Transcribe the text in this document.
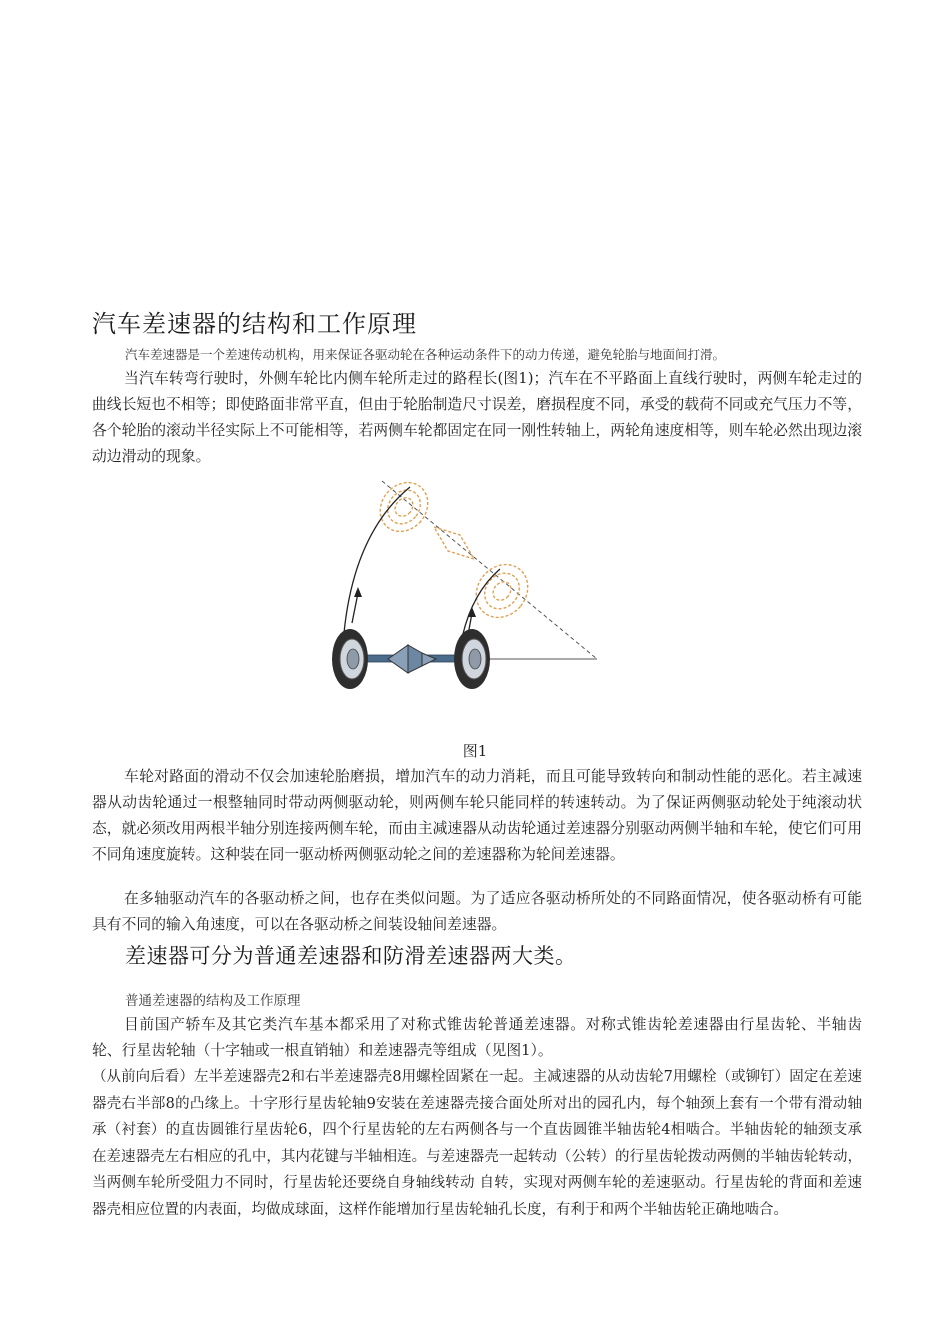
汽车差速器的结构和工作原理
汽车差速器是一个差速传动机构，用来保证各驱动轮在各种运动条件下的动力传递，避免轮胎与地面间打滑。

当汽车转弯行驶时，外侧车轮比内侧车轮所走过的路程长(图1)；汽车在不平路面上直线行驶时，两侧车轮走过的曲线长短也不相等；即使路面非常平直，但由于轮胎制造尺寸误差，磨损程度不同，承受的载荷不同或充气压力不等，各个轮胎的滚动半径实际上不可能相等，若两侧车轮都固定在同一刚性转轴上，两轮角速度相等，则车轮必然出现边滚动边滑动的现象。

图1

车轮对路面的滑动不仅会加速轮胎磨损，增加汽车的动力消耗，而且可能导致转向和制动性能的恶化。若主减速器从动齿轮通过一根整轴同时带动两侧驱动轮，则两侧车轮只能同样的转速转动。为了保证两侧驱动轮处于纯滚动状态，就必须改用两根半轴分别连接两侧车轮，而由主减速器从动齿轮通过差速器分别驱动两侧半轴和车轮，使它们可用不同角速度旋转。这种装在同一驱动桥两侧驱动轮之间的差速器称为轮间差速器。

在多轴驱动汽车的各驱动桥之间，也存在类似问题。为了适应各驱动桥所处的不同路面情况，使各驱动桥有可能具有不同的输入角速度，可以在各驱动桥之间装设轴间差速器。

差速器可分为普通差速器和防滑差速器两大类。
普通差速器的结构及工作原理

目前国产轿车及其它类汽车基本都采用了对称式锥齿轮普通差速器。对称式锥齿轮差速器由行星齿轮、半轴齿轮、行星齿轮轴（十字轴或一根直销轴）和差速器壳等组成（见图1）。

（从前向后看）左半差速器壳2和右半差速器壳8用螺栓固紧在一起。主减速器的从动齿轮7用螺栓（或铆钉）固定在差速器壳右半部8的凸缘上。十字形行星齿轮轴9安装在差速器壳接合面处所对出的园孔内，每个轴颈上套有一个带有滑动轴承（衬套）的直齿圆锥行星齿轮6，四个行星齿轮的左右两侧各与一个直齿圆锥半轴齿轮4相啮合。半轴齿轮的轴颈支承在差速器壳左右相应的孔中，其内花键与半轴相连。与差速器壳一起转动（公转）的行星齿轮拨动两侧的半轴齿轮转动，当两侧车轮所受阻力不同时，行星齿轮还要绕自身轴线转动 自转，实现对两侧车轮的差速驱动。行星齿轮的背面和差速器壳相应位置的内表面，均做成球面，这样作能增加行星齿轮轴孔长度，有利于和两个半轴齿轮正确地啮合。
